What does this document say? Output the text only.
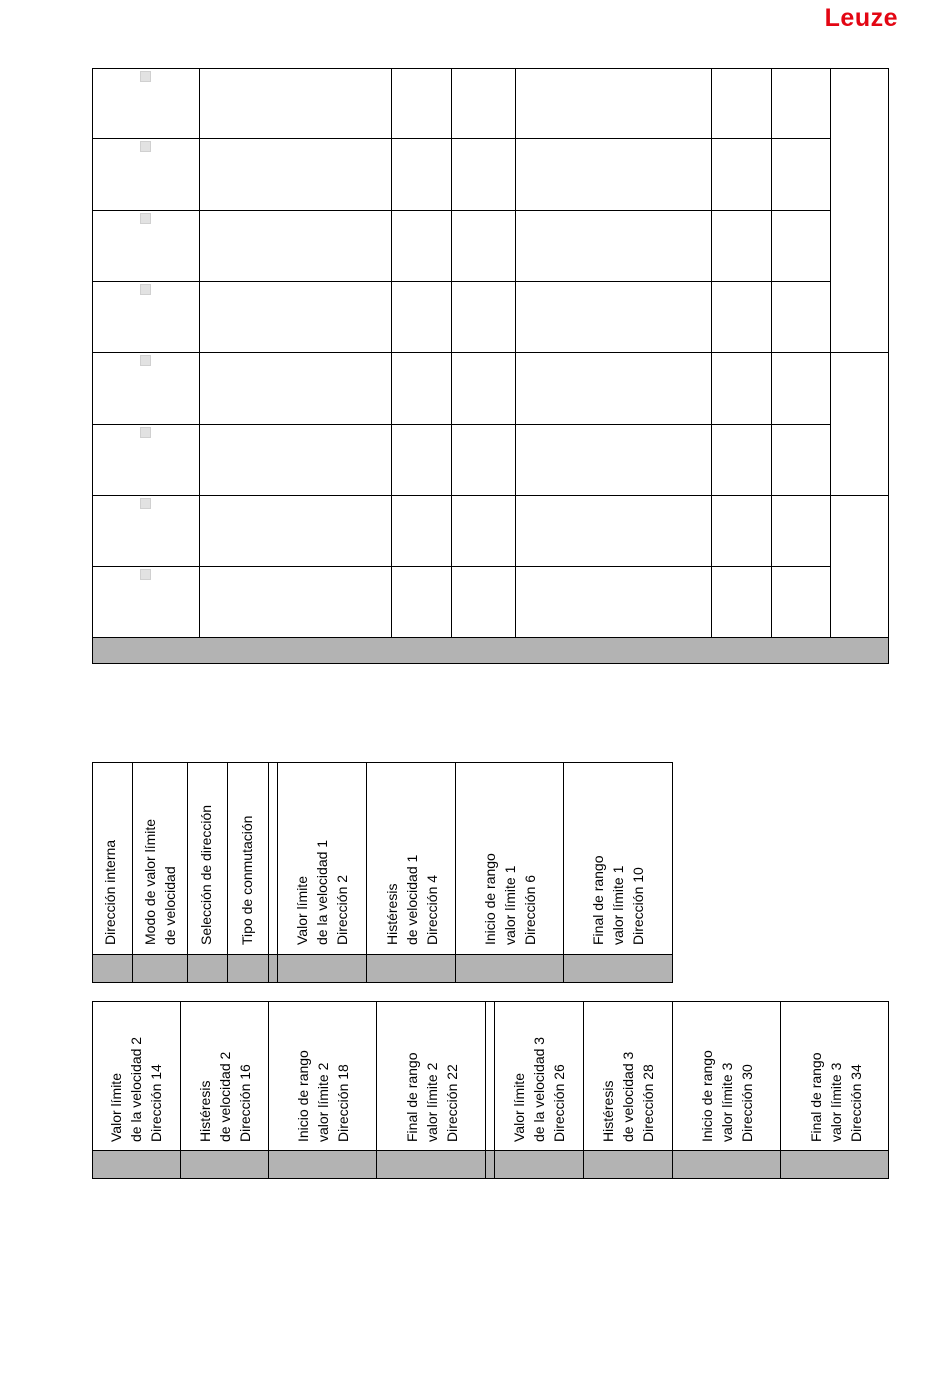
Leuze
Dirección interna Modo de valor límite
de velocidad Selección de dirección Tipo de conmutación	Valor límite
de la velocidad 1
Dirección 2
Histéresis
de velocidad 1
Dirección 4
Inicio de rango
valor límite 1
Dirección 6
Final de rango
valor límite 1
Dirección 10
Valor límite
de la velocidad 2
Dirección 14
Histéresis
de velocidad 2
Dirección 16
Inicio de rango
valor límite 2
Dirección 18
Final de rango
valor límite 2
Dirección 22
Valor límite
de la velocidad 3
Dirección 26
Histéresis
de velocidad 3
Dirección 28
Inicio de rango
valor límite 3
Dirección 30
Final de rango
valor límite 3
Dirección 34
